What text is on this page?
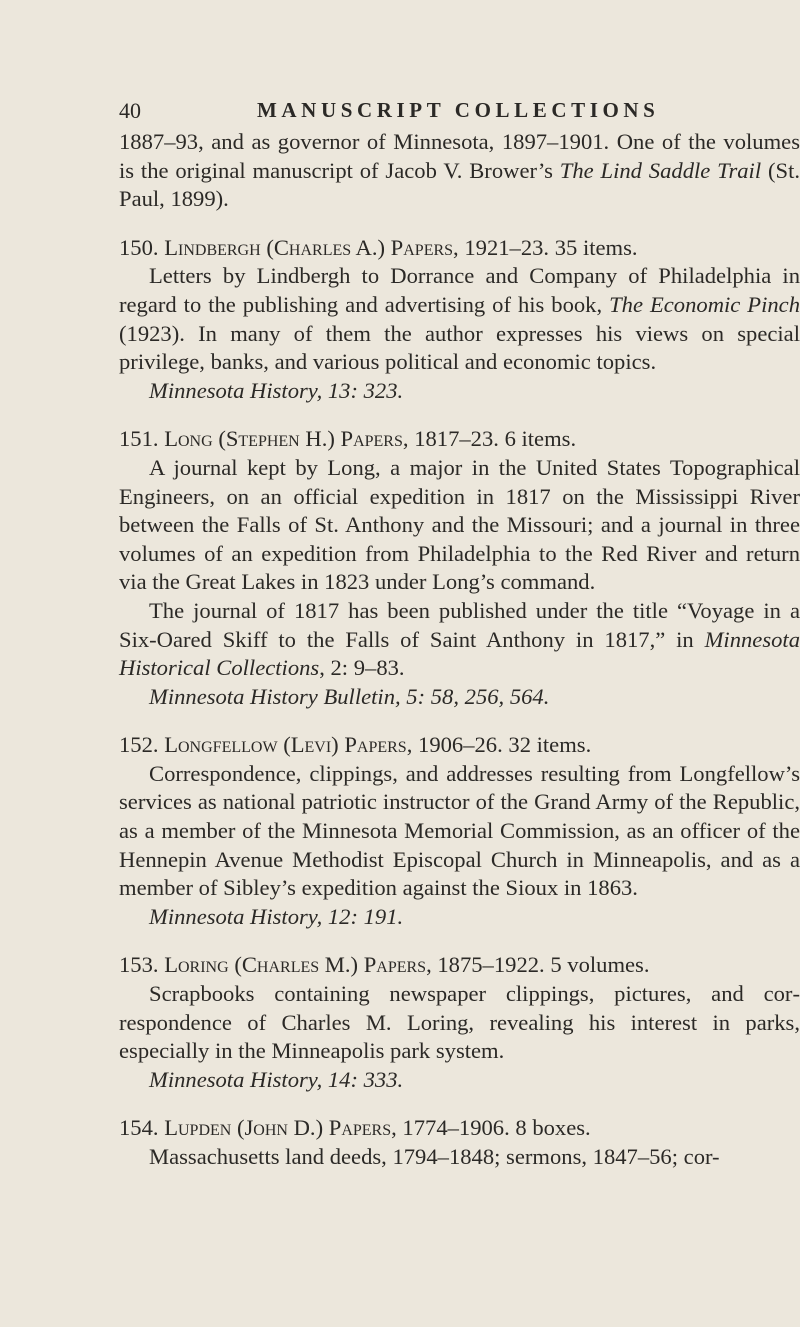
40	MANUSCRIPT COLLECTIONS

1887–93, and as governor of Minnesota, 1897–1901. One of the volumes is the original manuscript of Jacob V. Brower’s The Lind Saddle Trail (St. Paul, 1899).

150. Lindbergh (Charles A.) Papers, 1921–23. 35 items.

Letters by Lindbergh to Dorrance and Company of Philadelphia in regard to the publishing and advertising of his book, The Economic Pinch (1923). In many of them the author expresses his views on special privilege, banks, and various political and economic topics.

Minnesota History, 13: 323.

151. Long (Stephen H.) Papers, 1817–23. 6 items.

A journal kept by Long, a major in the United States Topographical Engineers, on an official expedition in 1817 on the Mississippi River between the Falls of St. Anthony and the Missouri; and a journal in three volumes of an expedition from Philadelphia to the Red River and return via the Great Lakes in 1823 under Long’s command.

The journal of 1817 has been published under the title “Voyage in a Six-Oared Skiff to the Falls of Saint Anthony in 1817,” in Minnesota Historical Collections, 2: 9–83.

Minnesota History Bulletin, 5: 58, 256, 564.

152. Longfellow (Levi) Papers, 1906–26. 32 items.

Correspondence, clippings, and addresses resulting from Longfellow’s services as national patriotic instructor of the Grand Army of the Republic, as a member of the Minnesota Memorial Commission, as an officer of the Hennepin Avenue Methodist Episcopal Church in Minneapolis, and as a member of Sibley’s expedition against the Sioux in 1863.

Minnesota History, 12: 191.

153. Loring (Charles M.) Papers, 1875–1922. 5 volumes.

Scrapbooks containing newspaper clippings, pictures, and correspondence of Charles M. Loring, revealing his interest in parks, especially in the Minneapolis park system.

Minnesota History, 14: 333.

154. Lupden (John D.) Papers, 1774–1906. 8 boxes.

Massachusetts land deeds, 1794–1848; sermons, 1847–56; cor-
